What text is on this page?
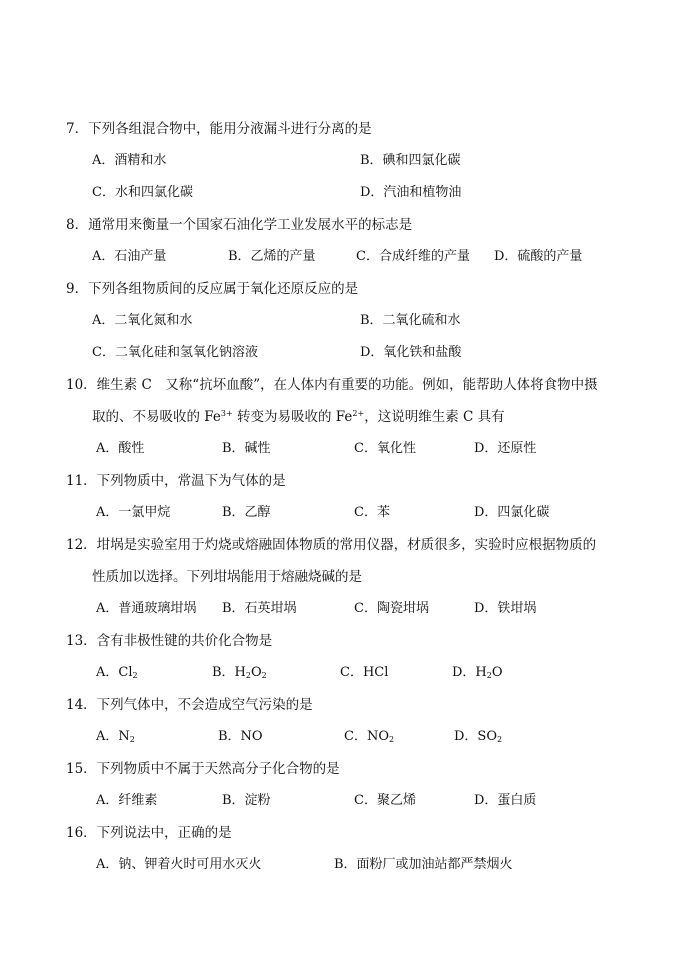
7．下列各组混合物中，能用分液漏斗进行分离的是
A．酒精和水	B．碘和四氯化碳
C．水和四氯化碳	D．汽油和植物油
8．通常用来衡量一个国家石油化学工业发展水平的标志是
A．石油产量	B．乙烯的产量	C．合成纤维的产量 D．硫酸的产量
9．下列各组物质间的反应属于氧化还原反应的是
A．二氧化氮和水	B．二氧化硫和水
C．二氧化硅和氢氧化钠溶液	D．氧化铁和盐酸
10．维生素 C　又称“抗坏血酸”，在人体内有重要的功能。例如，能帮助人体将食物中摄
取的、不易吸收的 $Fe^{3+}$ 转变为易吸收的 $Fe^{2+}$，这说明维生素 C 具有
A．酸性	B．碱性	C．氧化性	D．还原性
11．下列物质中，常温下为气体的是
A．一氯甲烷	B．乙醇	C．苯	D．四氯化碳
12．坩埚是实验室用于灼烧或熔融固体物质的常用仪器，材质很多，实验时应根据物质的
性质加以选择。下列坩埚能用于熔融烧碱的是
A．普通玻璃坩埚 B．石英坩埚	C．陶瓷坩埚	D．铁坩埚
13．含有非极性键的共价化合物是
A．$Cl_2$	B．$H_2O_2$	C．HCl	D．$H_2O$
14．下列气体中，不会造成空气污染的是
A．$N_2$	B．NO	C．$NO_2$	D．$SO_2$
15．下列物质中不属于天然高分子化合物的是
A．纤维素	B．淀粉	C．聚乙烯	D．蛋白质
16．下列说法中，正确的是
A．钠、钾着火时可用水灭火	B．面粉厂或加油站都严禁烟火
